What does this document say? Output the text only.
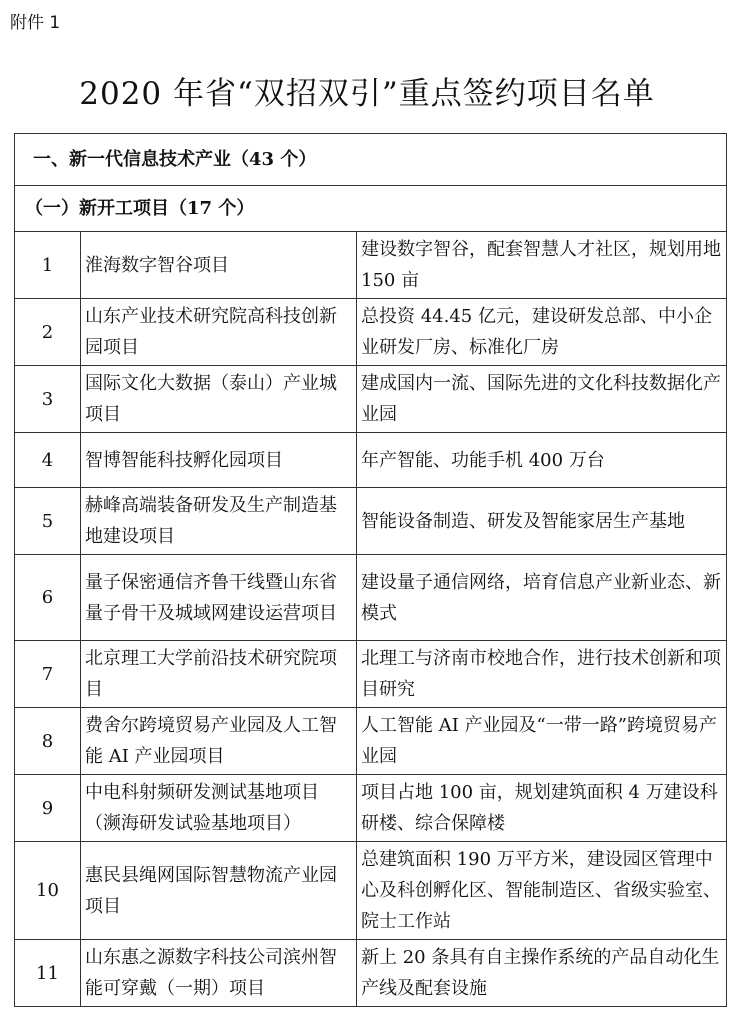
附件 1
2020 年省“双招双引”重点签约项目名单
一、新一代信息技术产业（43 个）		
（一）新开工项目（17 个）		
1	淮海数字智谷项目	建设数字智谷，配套智慧人才社区，规划用地 150 亩
2	山东产业技术研究院高科技创新园项目	总投资 44.45 亿元，建设研发总部、中小企业研发厂房、标准化厂房
3	国际文化大数据（泰山）产业城项目	建成国内一流、国际先进的文化科技数据化产业园
4	智博智能科技孵化园项目	年产智能、功能手机 400 万台
5	赫峰高端装备研发及生产制造基地建设项目	智能设备制造、研发及智能家居生产基地
6	量子保密通信齐鲁干线暨山东省量子骨干及城域网建设运营项目	建设量子通信网络，培育信息产业新业态、新模式
7	北京理工大学前沿技术研究院项目	北理工与济南市校地合作，进行技术创新和项目研究
8	费舍尔跨境贸易产业园及人工智能 AI 产业园项目	人工智能 AI 产业园及“一带一路”跨境贸易产业园
9	中电科射频研发测试基地项目（濒海研发试验基地项目）	项目占地 100 亩，规划建筑面积 4 万建设科研楼、综合保障楼
10	惠民县绳网国际智慧物流产业园项目	总建筑面积 190 万平方米，建设园区管理中心及科创孵化区、智能制造区、省级实验室、院士工作站
11	山东惠之源数字科技公司滨州智能可穿戴（一期）项目	新上 20 条具有自主操作系统的产品自动化生产线及配套设施
